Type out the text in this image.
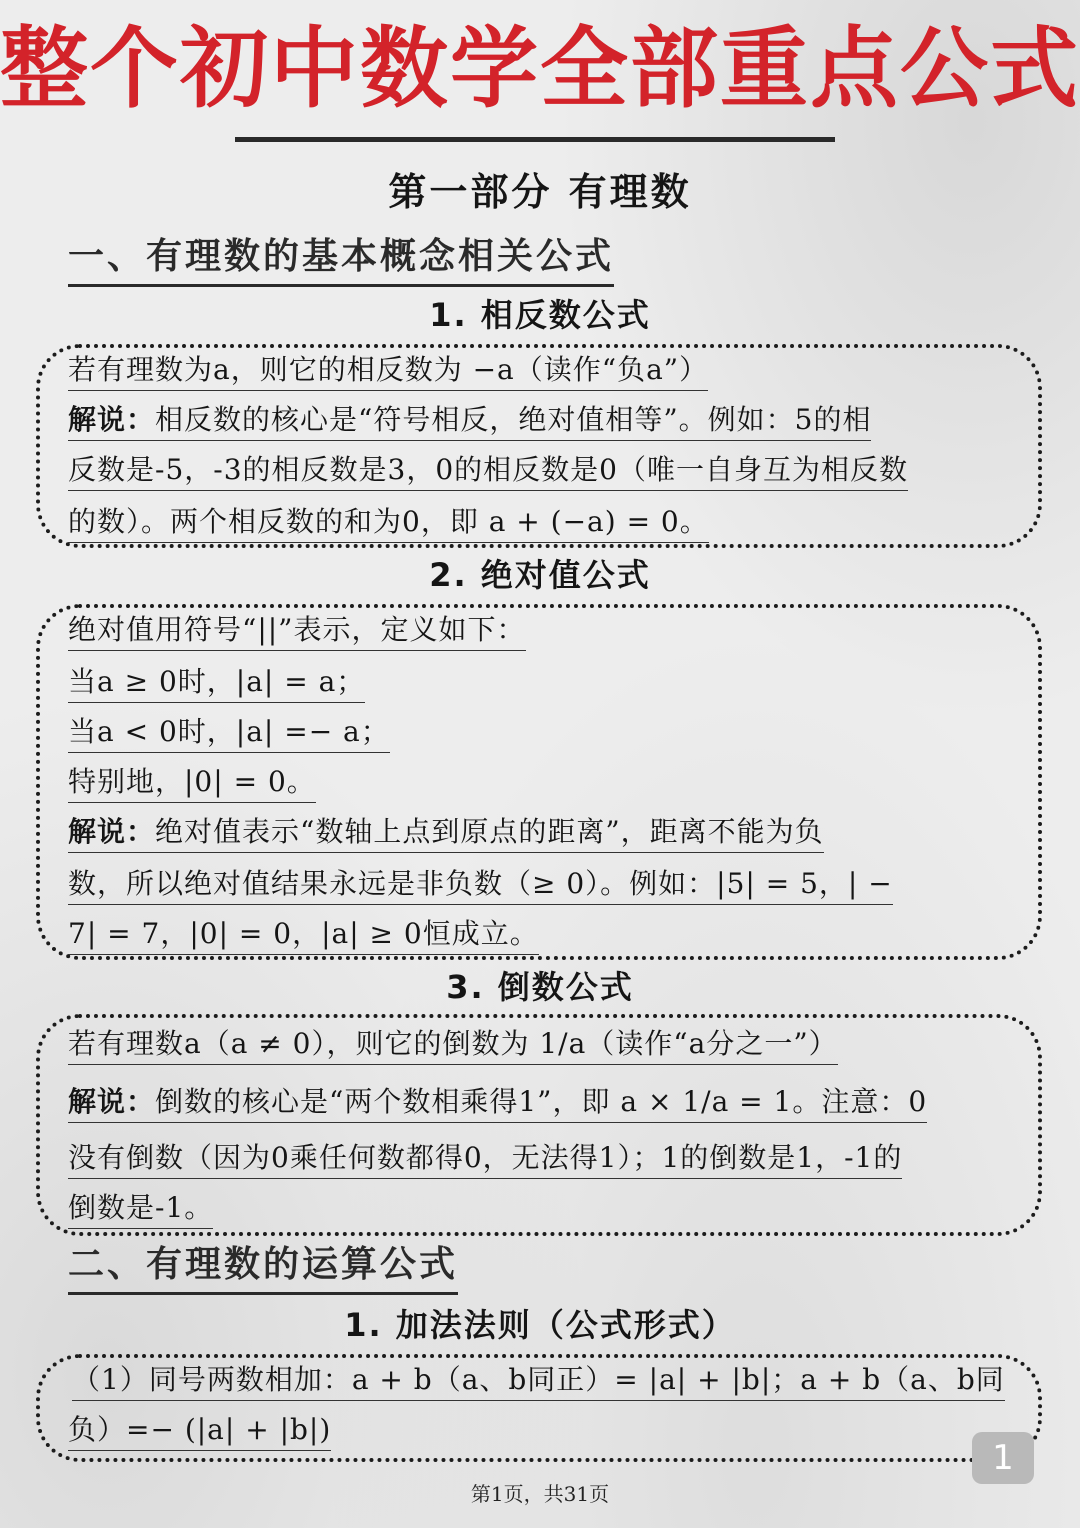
整个初中数学全部重点公式
第一部分 有理数
一、有理数的基本概念相关公式
1. 相反数公式
若有理数为a，则它的相反数为 −a（读作“负a”）
解说：相反数的核心是“符号相反，绝对值相等”。例如：5的相
反数是-5，-3的相反数是3，0的相反数是0（唯一自身互为相反数
的数）。两个相反数的和为0，即 a + (−a) = 0。
2. 绝对值公式
绝对值用符号“||”表示，定义如下：
当a ≥ 0时，|a| = a；
当a < 0时，|a| =− a；
特别地，|0| = 0。
解说：绝对值表示“数轴上点到原点的距离”，距离不能为负
数，所以绝对值结果永远是非负数（≥ 0）。例如：|5| = 5，| −
7| = 7，|0| = 0，|a| ≥ 0恒成立。
3. 倒数公式
若有理数a（a ≠ 0），则它的倒数为 1/a（读作“a分之一”）
解说：倒数的核心是“两个数相乘得1”，即 a × 1/a = 1。注意：0
没有倒数（因为0乘任何数都得0，无法得1）；1的倒数是1，-1的
倒数是-1。
二、有理数的运算公式
1. 加法法则（公式形式）
（1）同号两数相加：a + b（a、b同正）= |a| + |b|；a + b（a、b同
负）=− (|a| + |b|)
1
第1页，共31页
